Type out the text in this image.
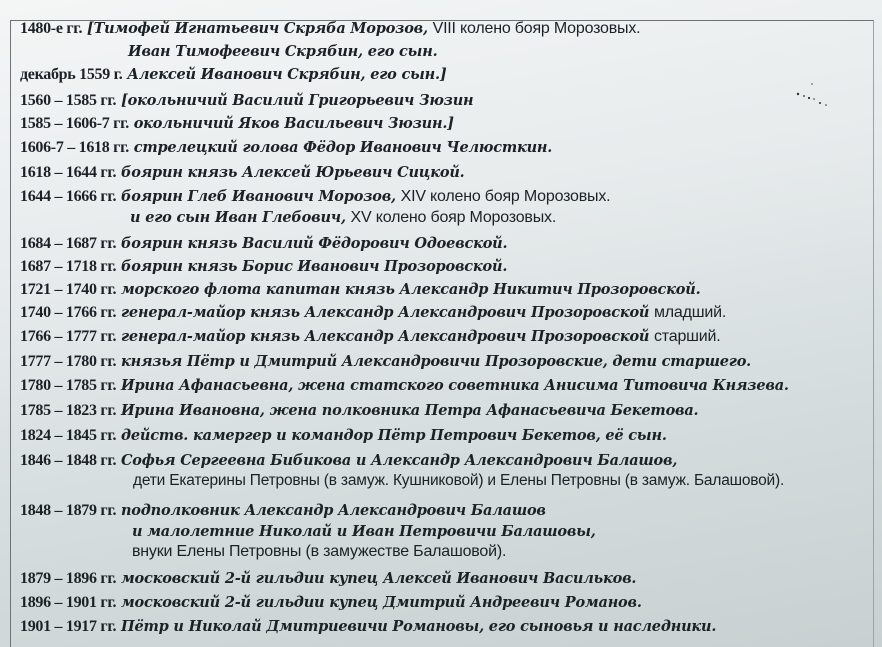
1480-е гг. [Тимофей Игнатьевич Скряба Морозов, VIII колено бояр Морозовых.
Иван Тимофеевич Скрябин, его сын.
декабрь 1559 г. Алексей Иванович Скрябин, его сын.]
1560 – 1585 гг. [окольничий Василий Григорьевич Зюзин
1585 – 1606-7 гг. окольничий Яков Васильевич Зюзин.]
1606-7 – 1618 гг. стрелецкий голова Фёдор Иванович Челюсткин.
1618 – 1644 гг. боярин князь Алексей Юрьевич Сицкой.
1644 – 1666 гг. боярин Глеб Иванович Морозов, XIV колено бояр Морозовых.
и его сын Иван Глебович, XV колено бояр Морозовых.
1684 – 1687 гг. боярин князь Василий Фёдорович Одоевской.
1687 – 1718 гг. боярин князь Борис Иванович Прозоровской.
1721 – 1740 гг. морского флота капитан князь Александр Никитич Прозоровской.
1740 – 1766 гг. генерал-майор князь Александр Александрович Прозоровской младший.
1766 – 1777 гг. генерал-майор князь Александр Александрович Прозоровской старший.
1777 – 1780 гг. князья Пётр и Дмитрий Александровичи Прозоровские, дети старшего.
1780 – 1785 гг. Ирина Афанасьевна, жена статского советника Анисима Титовича Князева.
1785 – 1823 гг. Ирина Ивановна, жена полковника Петра Афанасьевича Бекетова.
1824 – 1845 гг. действ. камергер и командор Пётр Петрович Бекетов, её сын.
1846 – 1848 гг. Софья Сергеевна Бибикова и Александр Александрович Балашов,
дети Екатерины Петровны (в замуж. Кушниковой) и Елены Петровны (в замуж. Балашовой).
1848 – 1879 гг. подполковник Александр Александрович Балашов
и малолетние Николай и Иван Петровичи Балашовы,
внуки Елены Петровны (в замужестве Балашовой).
1879 – 1896 гг. московский 2-й гильдии купец Алексей Иванович Васильков.
1896 – 1901 гг. московский 2-й гильдии купец Дмитрий Андреевич Романов.
1901 – 1917 гг. Пётр и Николай Дмитриевичи Романовы, его сыновья и наследники.
